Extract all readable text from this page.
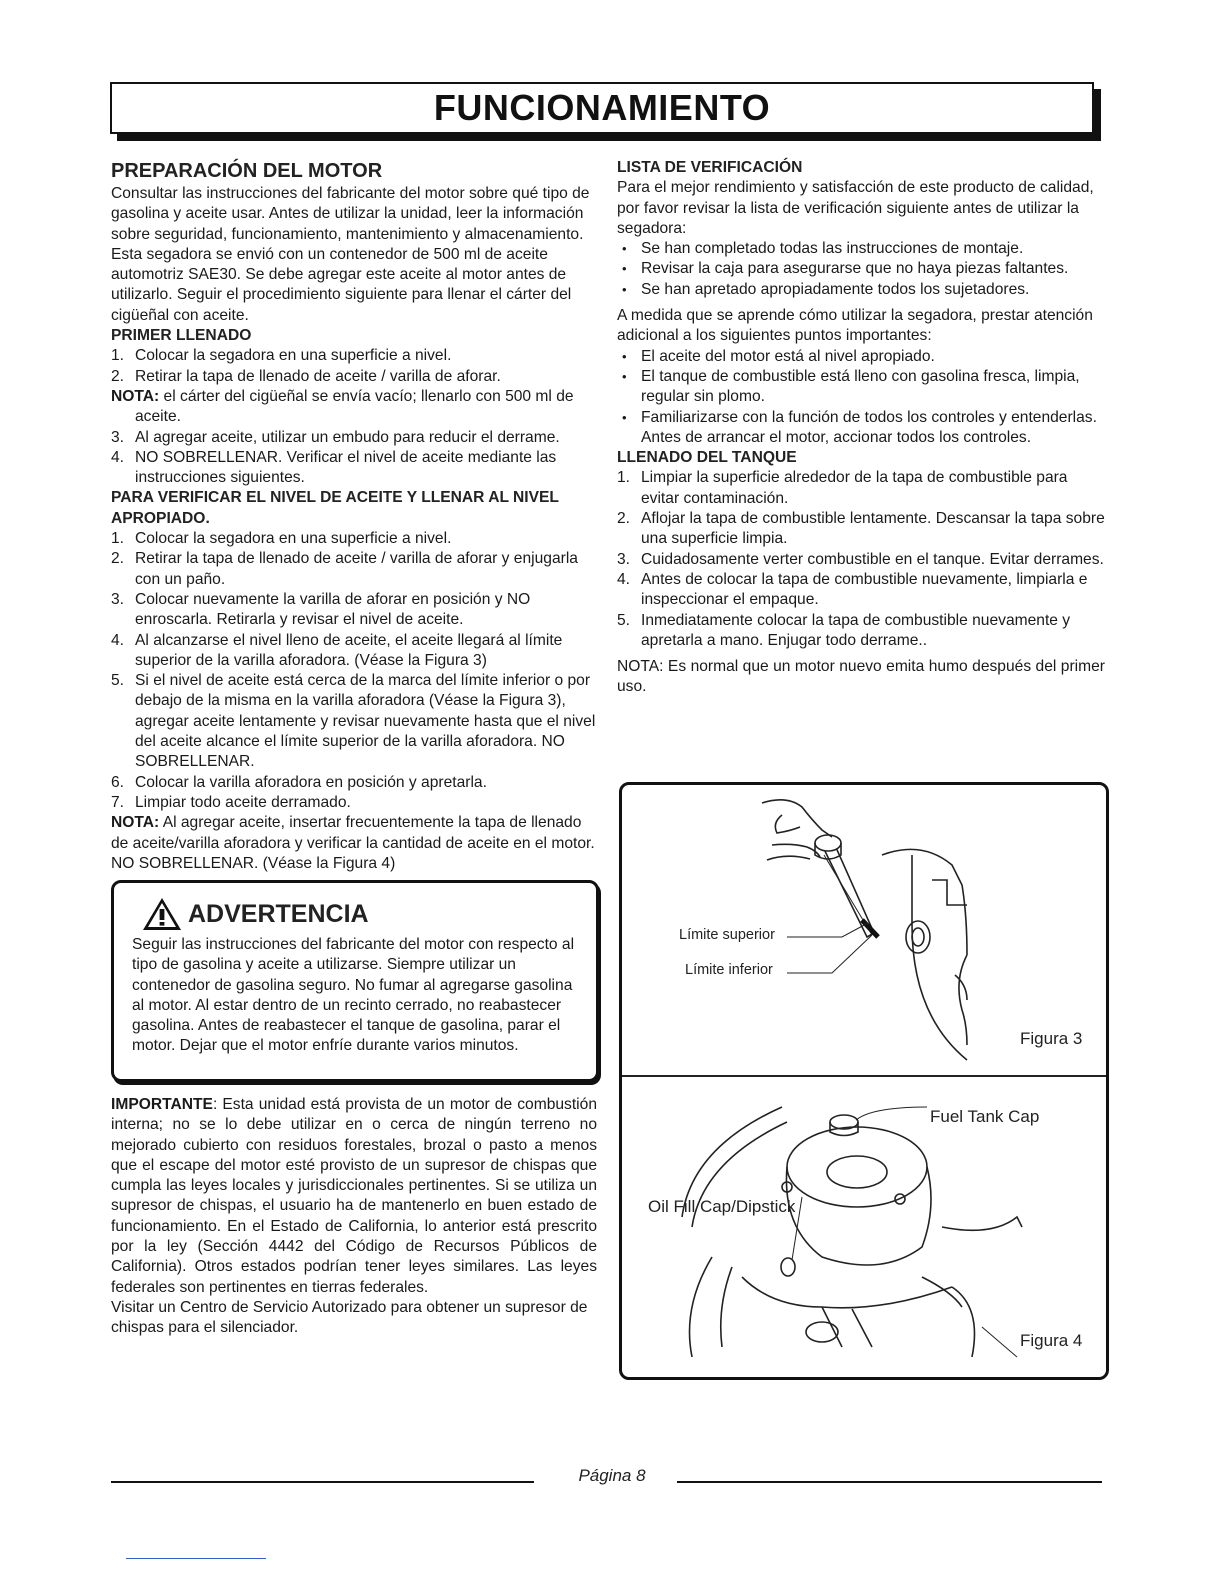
FUNCIONAMIENTO
PREPARACIÓN DEL MOTOR

Consultar las instrucciones del fabricante del motor sobre qué tipo de gasolina y aceite usar. Antes de utilizar la unidad, leer la información sobre seguridad, funcionamiento, mantenimiento y almacenamiento. Esta segadora se envió con un contenedor de 500 ml de aceite automotriz SAE30. Se debe agregar este aceite al motor antes de utilizarlo. Seguir el procedimiento siguiente para llenar el cárter del cigüeñal con aceite.

PRIMER LLENADO
1. Colocar la segadora en una superficie a nivel.
2. Retirar la tapa de llenado de aceite / varilla de aforar.

NOTA: el cárter del cigüeñal se envía vacío; llenarlo con 500 ml de aceite.

3. Al agregar aceite, utilizar un embudo para reducir el derrame.
4. NO SOBRELLENAR. Verificar el nivel de aceite mediante las instrucciones siguientes.
PARA VERIFICAR EL NIVEL DE ACEITE Y LLENAR AL NIVEL APROPIADO.
1. Colocar la segadora en una superficie a nivel.
2. Retirar la tapa de llenado de aceite / varilla de aforar y enjugarla con un paño.
3. Colocar nuevamente la varilla de aforar en posición y NO enroscarla. Retirarla y revisar el nivel de aceite.
4. Al alcanzarse el nivel lleno de aceite, el aceite llegará al límite superior de la varilla aforadora. (Véase la Figura 3)
5. Si el nivel de aceite está cerca de la marca del límite inferior o por debajo de la misma en la varilla aforadora (Véase la Figura 3), agregar aceite lentamente y revisar nuevamente hasta que el nivel del aceite alcance el límite superior de la varilla aforadora. NO SOBRELLENAR.
6. Colocar la varilla aforadora en posición y apretarla.
7. Limpiar todo aceite derramado.

NOTA: Al agregar aceite, insertar frecuentemente la tapa de llenado de aceite/varilla aforadora y verificar la cantidad de aceite en el motor. NO SOBRELLENAR. (Véase la Figura 4)

ADVERTENCIA

Seguir las instrucciones del fabricante del motor con respecto al tipo de gasolina y aceite a utilizarse. Siempre utilizar un contenedor de gasolina seguro. No fumar al agregarse gasolina al motor. Al estar dentro de un recinto cerrado, no reabastecer gasolina. Antes de reabastecer el tanque de gasolina, parar el motor. Dejar que el motor enfríe durante varios minutos.

IMPORTANTE: Esta unidad está provista de un motor de combustión interna; no se lo debe utilizar en o cerca de ningún terreno no mejorado cubierto con residuos forestales, brozal o pasto a menos que el escape del motor esté provisto de un supresor de chispas que cumpla las leyes locales y jurisdiccionales pertinentes. Si se utiliza un supresor de chispas, el usuario ha de mantenerlo en buen estado de funcionamiento. En el Estado de California, lo anterior está prescrito por la ley (Sección 4442 del Código de Recursos Públicos de California). Otros estados podrían tener leyes similares. Las leyes federales son pertinentes en tierras federales.

Visitar un Centro de Servicio Autorizado para obtener un supresor de chispas para el silenciador.

LISTA DE VERIFICACIÓN

Para el mejor rendimiento y satisfacción de este producto de calidad, por favor revisar la lista de verificación siguiente antes de utilizar la segadora:

• Se han completado todas las instrucciones de montaje.
• Revisar la caja para asegurarse que no haya piezas faltantes.
• Se han apretado apropiadamente todos los sujetadores.

A medida que se aprende cómo utilizar la segadora, prestar atención adicional a los siguientes puntos importantes:

• El aceite del motor está al nivel apropiado.
• El tanque de combustible está lleno con gasolina fresca, limpia, regular sin plomo.
• Familiarizarse con la función de todos los controles y entenderlas. Antes de arrancar el motor, accionar todos los controles.
LLENADO DEL TANQUE
1. Limpiar la superficie alrededor de la tapa de combustible para evitar contaminación.
2. Aflojar la tapa de combustible lentamente. Descansar la tapa sobre una superficie limpia.
3. Cuidadosamente verter combustible en el tanque. Evitar derrames.
4. Antes de colocar la tapa de combustible nuevamente, limpiarla e inspeccionar el empaque.
5. Inmediatamente colocar la tapa de combustible nuevamente y apretarla a mano. Enjugar todo derrame..

NOTA: Es normal que un motor nuevo emita humo después del primer uso.

Límite superior
Límite inferior
Figura 3
Fuel Tank Cap
Oil Fill Cap/Dipstick
Figura 4
Página 8
